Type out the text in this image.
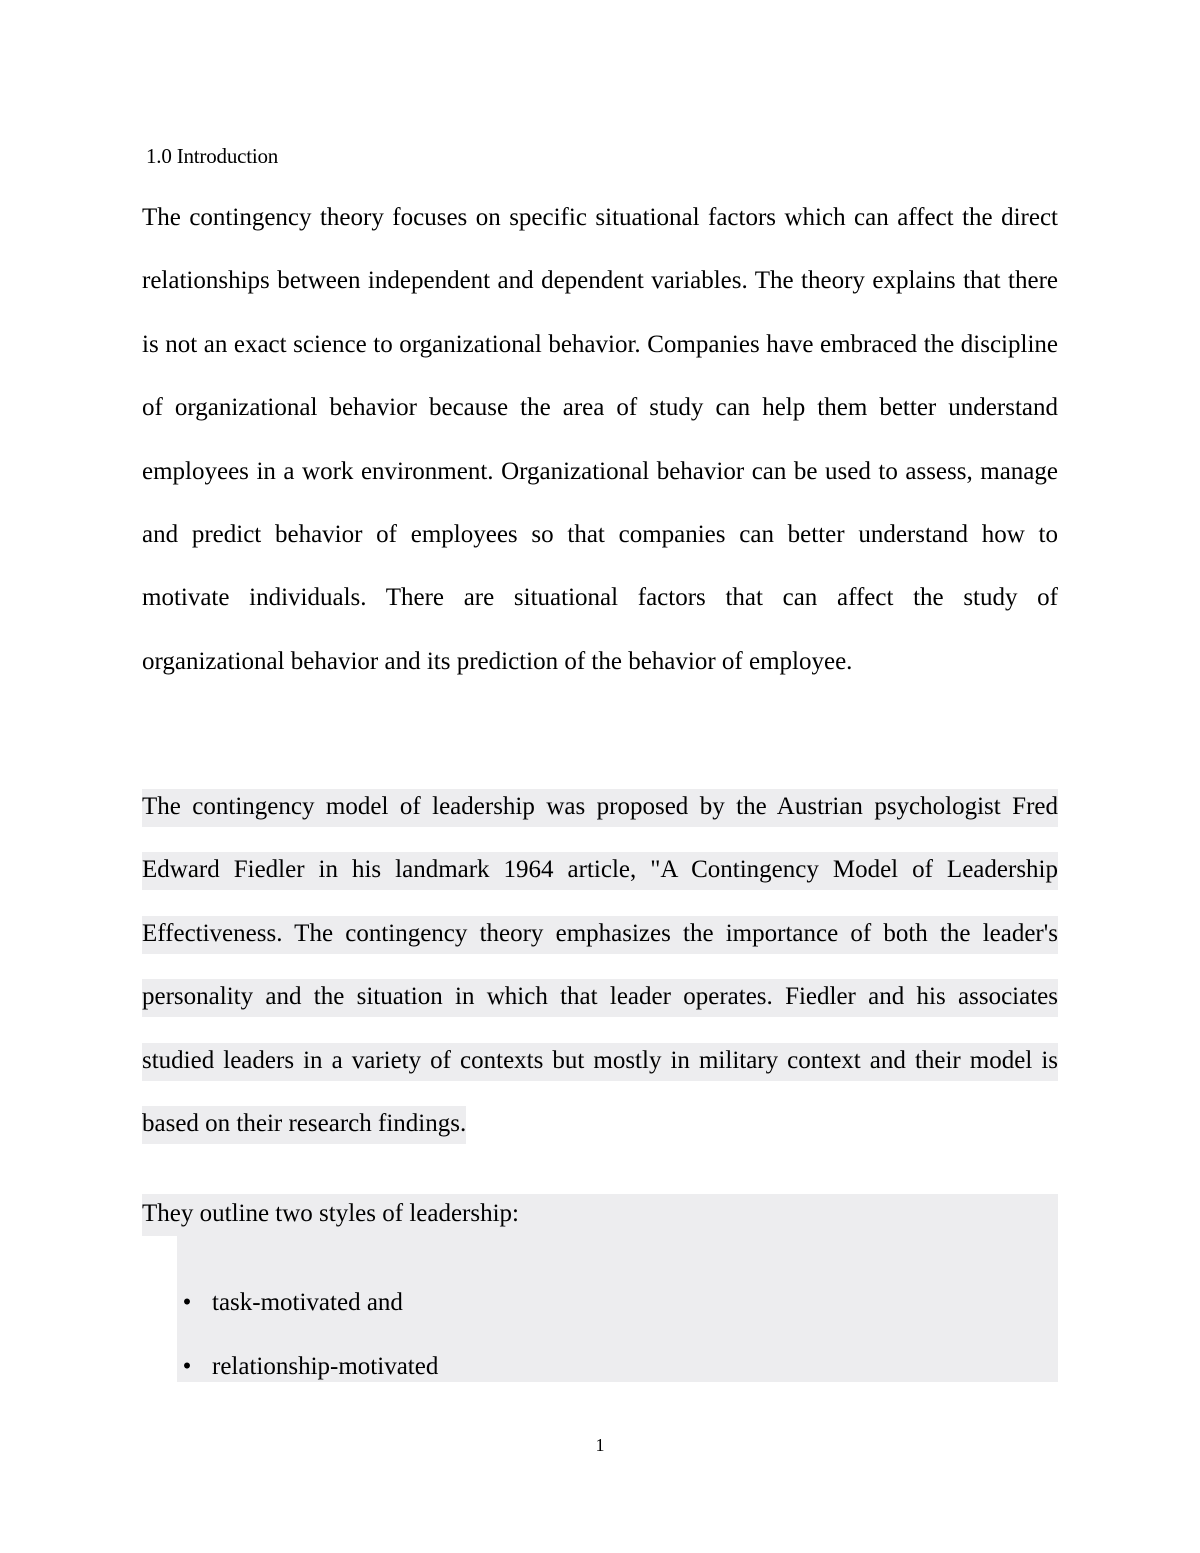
1.0 Introduction

The contingency theory focuses on specific situational factors which can affect the direct relationships between independent and dependent variables. The theory explains that there is not an exact science to organizational behavior. Companies have embraced the discipline of organizational behavior because the area of study can help them better understand employees in a work environment. Organizational behavior can be used to assess, manage and predict behavior of employees so that companies can better understand how to motivate individuals. There are situational factors that can affect the study of organizational behavior and its prediction of the behavior of employee.

The contingency model of leadership was proposed by the Austrian psychologist Fred Edward Fiedler in his landmark 1964 article, "A Contingency Model of Leadership Effectiveness. The contingency theory emphasizes the importance of both the leader's personality and the situation in which that leader operates. Fiedler and his associates studied leaders in a variety of contexts but mostly in military context and their model is based on their research findings.

They outline two styles of leadership:
• task-motivated and
• relationship-motivated
1
